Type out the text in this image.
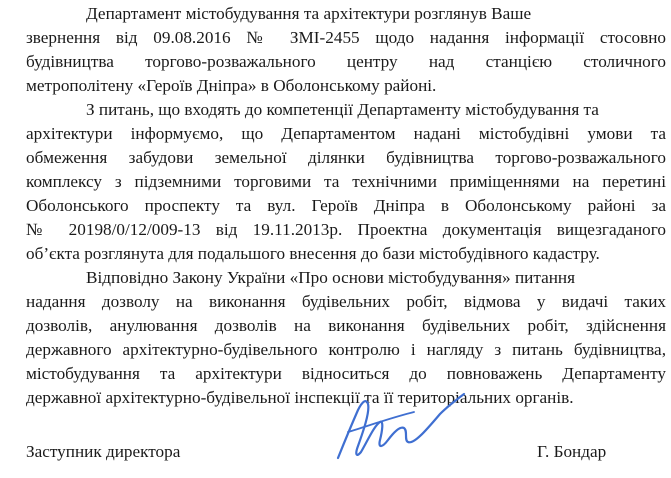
Департамент містобудування та архітектури розглянув Ваше
звернення від 09.08.2016 № ЗМІ-2455 щодо надання інформації стосовно
будівництва торгово-розважального центру над станцією столичного
метрополітену «Героїв Дніпра» в Оболонському районі.
З питань, що входять до компетенції Департаменту містобудування та
архітектури інформуємо, що Департаментом надані містобудівні умови та
обмеження забудови земельної ділянки будівництва торгово-розважального
комплексу з підземними торговими та технічними приміщеннями на перетині
Оболонського проспекту та вул. Героїв Дніпра в Оболонському районі за
№ 20198/0/12/009-13 від 19.11.2013р. Проектна документація вищезгаданого
об’єкта розглянута для подальшого внесення до бази містобудівного кадастру.
Відповідно Закону України «Про основи містобудування» питання
надання дозволу на виконання будівельних робіт, відмова у видачі таких
дозволів, анулювання дозволів на виконання будівельних робіт, здійснення
державного архітектурно-будівельного контролю і нагляду з питань будівництва,
містобудування та архітектури відноситься до повноважень Департаменту
державної архітектурно-будівельної інспекції та її територіальних органів.
Заступник директора	Г. Бондар
